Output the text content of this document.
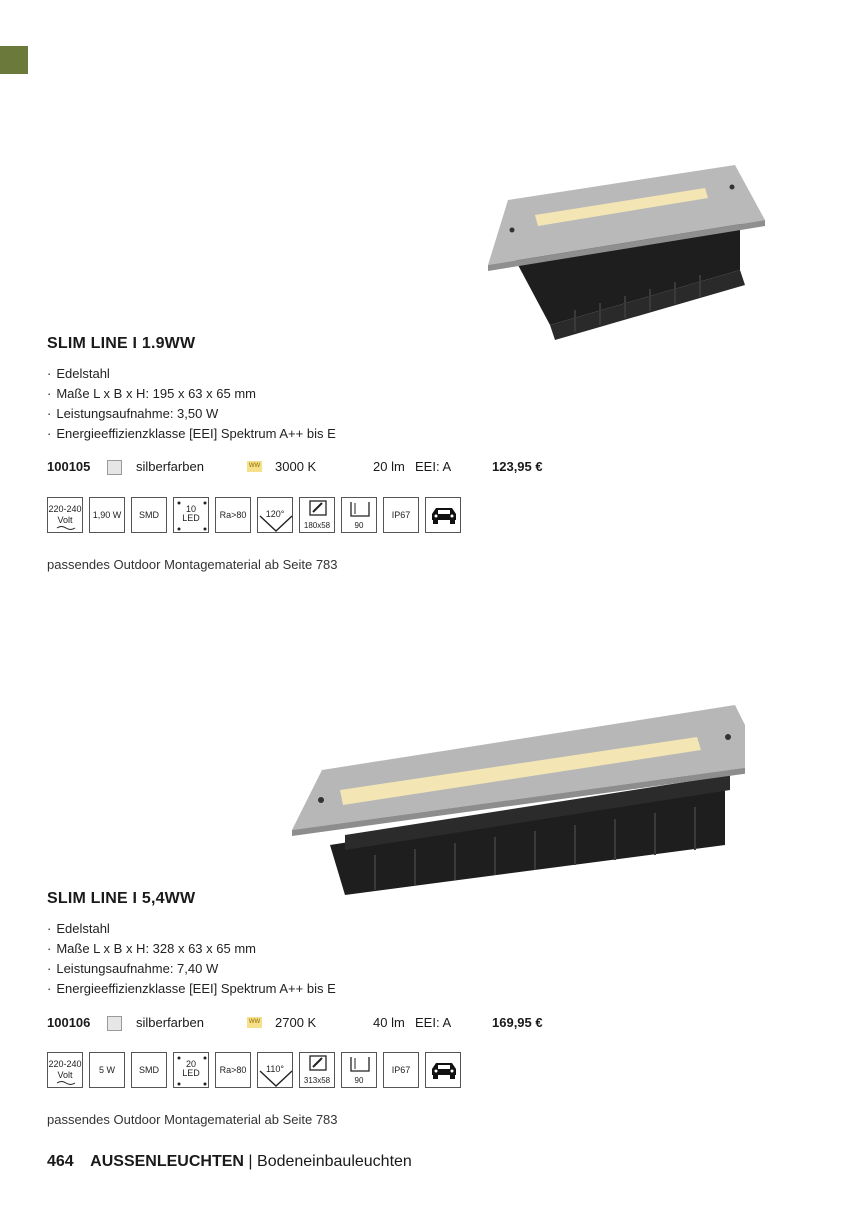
SLIM LINE I 1.9WW
· Edelstahl
· Maße L x B x H: 195 x 63 x 65 mm
· Leistungsaufnahme: 3,50 W
· Energieeffizienzklasse [EEI] Spektrum A++ bis E
100105	silberfarben	WW 3000 K	20 lm EEI: A	123,95 €
220-240
Volt	1,90 W	SMD
10
LED	Ra>80	120°
180x58	90
IP67
passendes Outdoor Montagematerial ab Seite 783
SLIM LINE I 5,4WW
· Edelstahl
· Maße L x B x H: 328 x 63 x 65 mm
· Leistungsaufnahme: 7,40 W
· Energieeffizienzklasse [EEI] Spektrum A++ bis E
100106	silberfarben	WW 2700 K	40 lm EEI: A	169,95 €
220-240
Volt	5 W	SMD
20
LED	Ra>80	110°
313x58	90
IP67
passendes Outdoor Montagematerial ab Seite 783
464 AUSSENLEUCHTEN | Bodeneinbauleuchten
